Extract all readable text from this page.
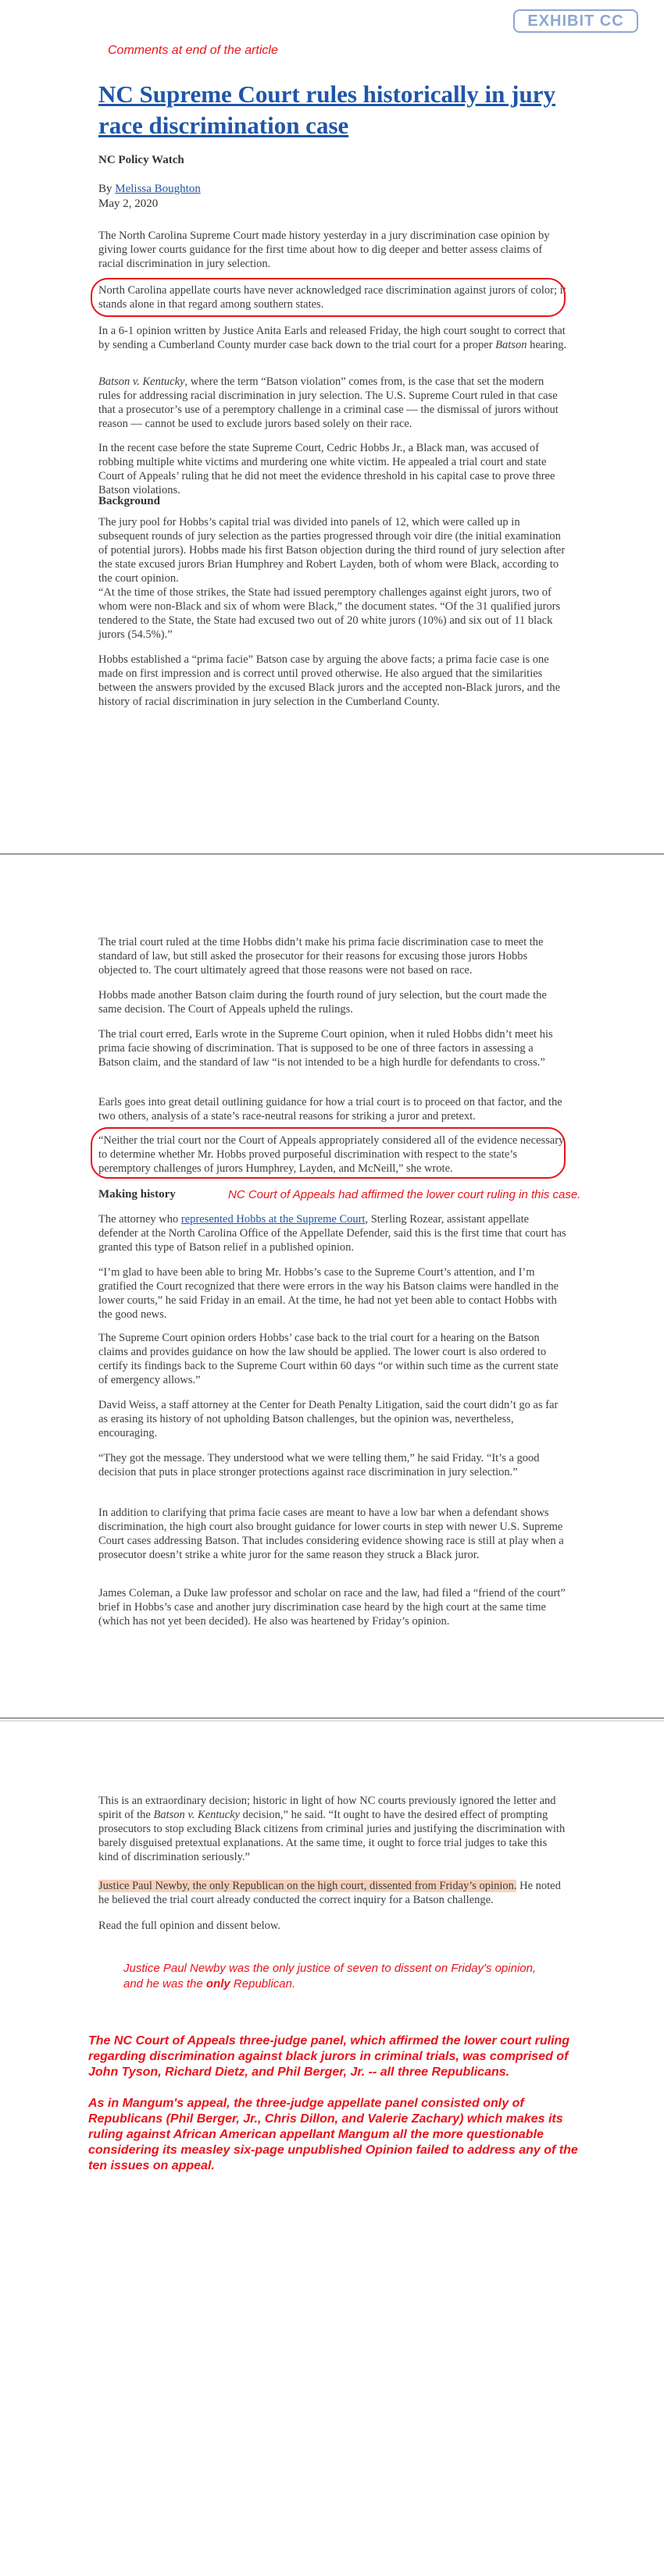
EXHIBIT CC
Comments at end of the article
NC Supreme Court rules historically in jury race discrimination case
NC Policy Watch
By Melissa Boughton
May 2, 2020

The North Carolina Supreme Court made history yesterday in a jury discrimination case opinion by giving lower courts guidance for the first time about how to dig deeper and better assess claims of racial discrimination in jury selection.

North Carolina appellate courts have never acknowledged race discrimination against jurors of color; it stands alone in that regard among southern states.

In a 6-1 opinion written by Justice Anita Earls and released Friday, the high court sought to correct that by sending a Cumberland County murder case back down to the trial court for a proper Batson hearing.

Batson v. Kentucky, where the term “Batson violation” comes from, is the case that set the modern rules for addressing racial discrimination in jury selection. The U.S. Supreme Court ruled in that case that a prosecutor’s use of a peremptory challenge in a criminal case — the dismissal of jurors without reason — cannot be used to exclude jurors based solely on their race.

In the recent case before the state Supreme Court, Cedric Hobbs Jr., a Black man, was accused of robbing multiple white victims and murdering one white victim. He appealed a trial court and state Court of Appeals’ ruling that he did not meet the evidence threshold in his capital case to prove three Batson violations.

Background

The jury pool for Hobbs’s capital trial was divided into panels of 12, which were called up in subsequent rounds of jury selection as the parties progressed through voir dire (the initial examination of potential jurors). Hobbs made his first Batson objection during the third round of jury selection after the state excused jurors Brian Humphrey and Robert Layden, both of whom were Black, according to the court opinion.

“At the time of those strikes, the State had issued peremptory challenges against eight jurors, two of whom were non-Black and six of whom were Black,” the document states. “Of the 31 qualified jurors tendered to the State, the State had excused two out of 20 white jurors (10%) and six out of 11 black jurors (54.5%).”

Hobbs established a “prima facie” Batson case by arguing the above facts; a prima facie case is one made on first impression and is correct until proved otherwise. He also argued that the similarities between the answers provided by the excused Black jurors and the accepted non-Black jurors, and the history of racial discrimination in jury selection in the Cumberland County.

The trial court ruled at the time Hobbs didn’t make his prima facie discrimination case to meet the standard of law, but still asked the prosecutor for their reasons for excusing those jurors Hobbs objected to. The court ultimately agreed that those reasons were not based on race.

Hobbs made another Batson claim during the fourth round of jury selection, but the court made the same decision. The Court of Appeals upheld the rulings.

The trial court erred, Earls wrote in the Supreme Court opinion, when it ruled Hobbs didn’t meet his prima facie showing of discrimination. That is supposed to be one of three factors in assessing a Batson claim, and the standard of law “is not intended to be a high hurdle for defendants to cross.”

Earls goes into great detail outlining guidance for how a trial court is to proceed on that factor, and the two others, analysis of a state’s race-neutral reasons for striking a juror and pretext.

“Neither the trial court nor the Court of Appeals appropriately considered all of the evidence necessary to determine whether Mr. Hobbs proved purposeful discrimination with respect to the state’s peremptory challenges of jurors Humphrey, Layden, and McNeill,” she wrote.

Making history	NC Court of Appeals had affirmed the lower court ruling in this case.

The attorney who represented Hobbs at the Supreme Court, Sterling Rozear, assistant appellate defender at the North Carolina Office of the Appellate Defender, said this is the first time that court has granted this type of Batson relief in a published opinion.

“I’m glad to have been able to bring Mr. Hobbs’s case to the Supreme Court’s attention, and I’m gratified the Court recognized that there were errors in the way his Batson claims were handled in the lower courts,” he said Friday in an email. At the time, he had not yet been able to contact Hobbs with the good news.

The Supreme Court opinion orders Hobbs’ case back to the trial court for a hearing on the Batson claims and provides guidance on how the law should be applied. The lower court is also ordered to certify its findings back to the Supreme Court within 60 days “or within such time as the current state of emergency allows.”

David Weiss, a staff attorney at the Center for Death Penalty Litigation, said the court didn’t go as far as erasing its history of not upholding Batson challenges, but the opinion was, nevertheless, encouraging.

“They got the message. They understood what we were telling them,” he said Friday. “It’s a good decision that puts in place stronger protections against race discrimination in jury selection.”

In addition to clarifying that prima facie cases are meant to have a low bar when a defendant shows discrimination, the high court also brought guidance for lower courts in step with newer U.S. Supreme Court cases addressing Batson. That includes considering evidence showing race is still at play when a prosecutor doesn’t strike a white juror for the same reason they struck a Black juror.

James Coleman, a Duke law professor and scholar on race and the law, had filed a “friend of the court” brief in Hobbs’s case and another jury discrimination case heard by the high court at the same time (which has not yet been decided). He also was heartened by Friday’s opinion.

This is an extraordinary decision; historic in light of how NC courts previously ignored the letter and spirit of the Batson v. Kentucky decision,” he said. “It ought to have the desired effect of prompting prosecutors to stop excluding Black citizens from criminal juries and justifying the discrimination with barely disguised pretextual explanations. At the same time, it ought to force trial judges to take this kind of discrimination seriously.”

Justice Paul Newby, the only Republican on the high court, dissented from Friday’s opinion. He noted he believed the trial court already conducted the correct inquiry for a Batson challenge.

Read the full opinion and dissent below.

Justice Paul Newby was the only justice of seven to dissent on Friday's opinion,
and he was the only Republican.

The NC Court of Appeals three-judge panel, which affirmed the lower court ruling regarding discrimination against black jurors in criminal trials, was comprised of John Tyson, Richard Dietz, and Phil Berger, Jr. -- all three Republicans.

As in Mangum's appeal, the three-judge appellate panel consisted only of Republicans (Phil Berger, Jr., Chris Dillon, and Valerie Zachary) which makes its ruling against African American appellant Mangum all the more questionable considering its measley six-page unpublished Opinion failed to address any of the ten issues on appeal.
